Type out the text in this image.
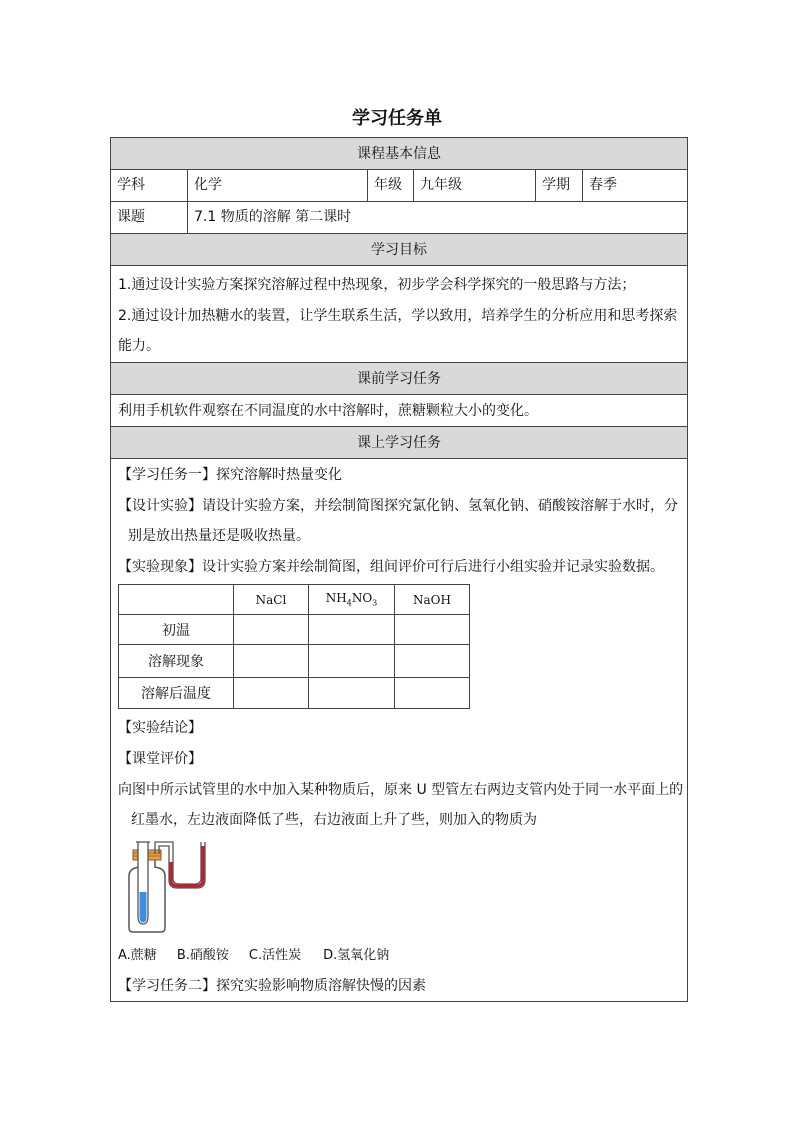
学习任务单
课程基本信息
学科	化学	年级	九年级	学期	春季
课题	7.1 物质的溶解 第二课时
学习目标
1.通过设计实验方案探究溶解过程中热现象，初步学会科学探究的一般思路与方法；
2.通过设计加热糖水的装置，让学生联系生活，学以致用，培养学生的分析应用和思考探索
能力。
课前学习任务
利用手机软件观察在不同温度的水中溶解时，蔗糖颗粒大小的变化。
课上学习任务
【学习任务一】探究溶解时热量变化
【设计实验】请设计实验方案，并绘制简图探究氯化钠、氢氧化钠、硝酸铵溶解于水时，分
别是放出热量还是吸收热量。
【实验现象】设计实验方案并绘制简图，组间评价可行后进行小组实验并记录实验数据。
	NaCl	$NH_4NO_3$	NaOH
初温			
溶解现象			
溶解后温度			
【实验结论】
【课堂评价】
向图中所示试管里的水中加入某种物质后，原来 U 型管左右两边支管内处于同一水平面上的
红墨水，左边液面降低了些，右边液面上升了些，则加入的物质为
A.蔗糖 B.硝酸铵 C.活性炭 D.氢氧化钠
【学习任务二】探究实验影响物质溶解快慢的因素
